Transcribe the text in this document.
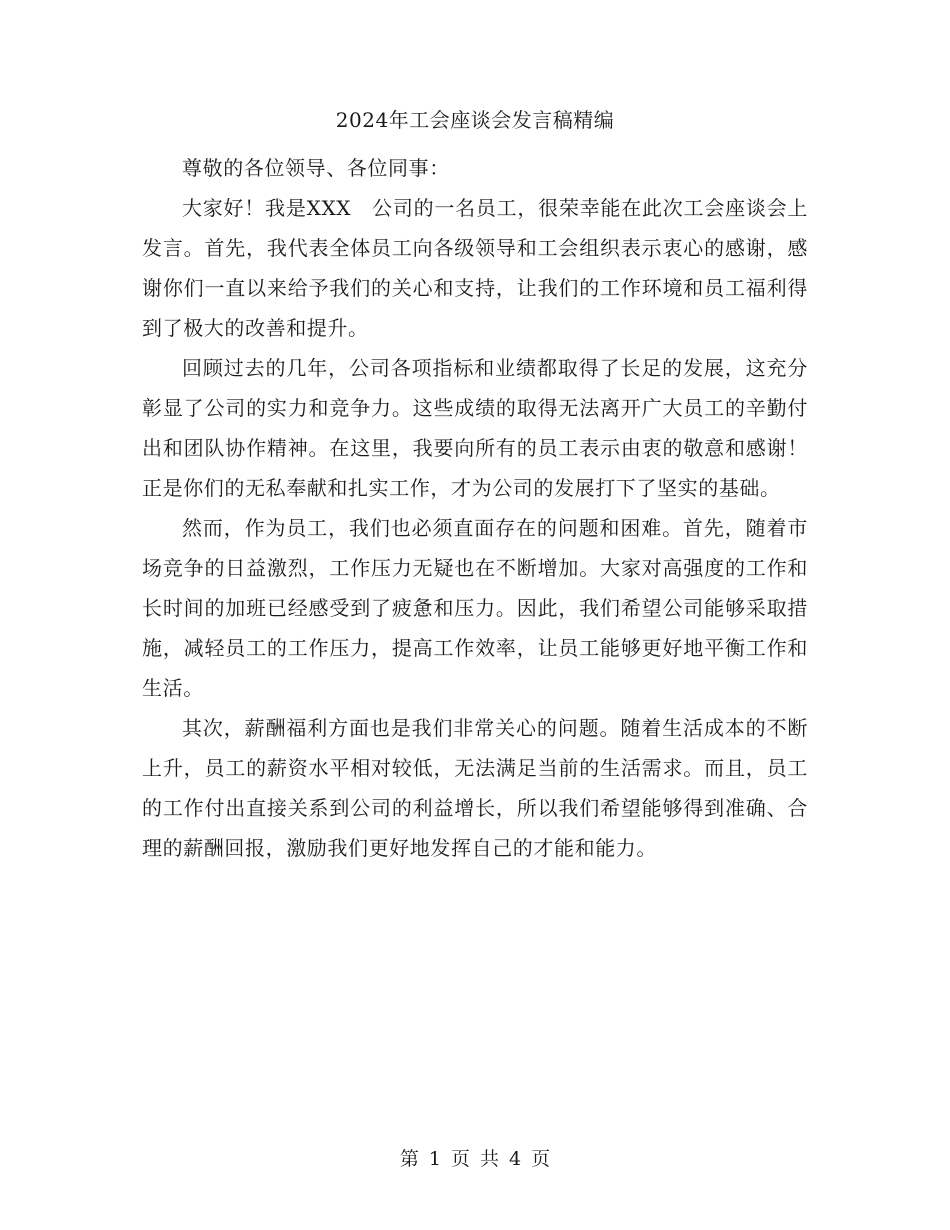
2024年工会座谈会发言稿精编

尊敬的各位领导、各位同事：

大家好！我是XXX　公司的一名员工，很荣幸能在此次工会座谈会上发言。首先，我代表全体员工向各级领导和工会组织表示衷心的感谢，感谢你们一直以来给予我们的关心和支持，让我们的工作环境和员工福利得到了极大的改善和提升。

回顾过去的几年，公司各项指标和业绩都取得了长足的发展，这充分彰显了公司的实力和竞争力。这些成绩的取得无法离开广大员工的辛勤付出和团队协作精神。在这里，我要向所有的员工表示由衷的敬意和感谢！正是你们的无私奉献和扎实工作，才为公司的发展打下了坚实的基础。

然而，作为员工，我们也必须直面存在的问题和困难。首先，随着市场竞争的日益激烈，工作压力无疑也在不断增加。大家对高强度的工作和长时间的加班已经感受到了疲惫和压力。因此，我们希望公司能够采取措施，减轻员工的工作压力，提高工作效率，让员工能够更好地平衡工作和生活。

其次，薪酬福利方面也是我们非常关心的问题。随着生活成本的不断上升，员工的薪资水平相对较低，无法满足当前的生活需求。而且，员工的工作付出直接关系到公司的利益增长，所以我们希望能够得到准确、合理的薪酬回报，激励我们更好地发挥自己的才能和能力。

第 1 页 共 4 页
